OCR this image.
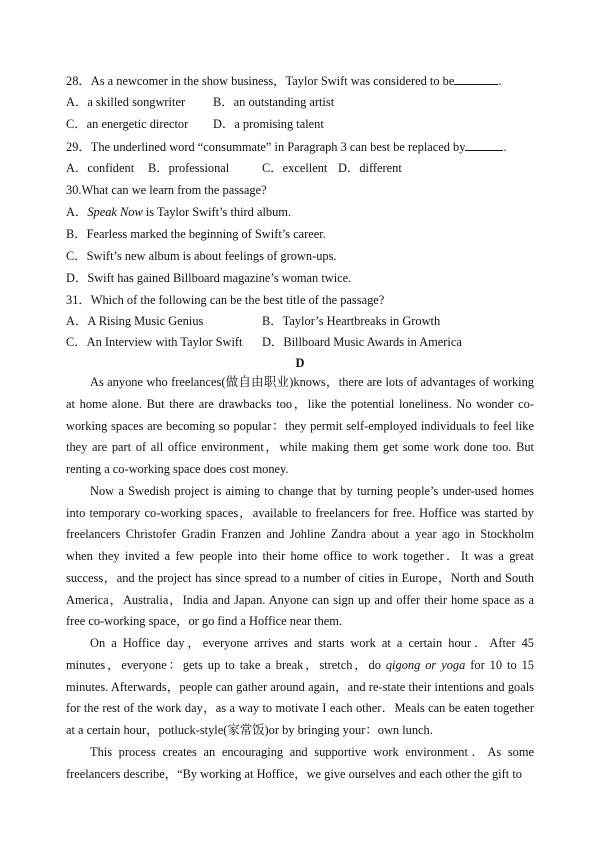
28．As a newcomer in the show business，Taylor Swift was considered to be	.
A．a skilled songwriter B．an outstanding artist
C．an energetic director D．a promising talent
29．The underlined word “consummate” in Paragraph 3 can best be replaced by	.
A．confident B．professional	C．excellent D．different
30.What can we learn from the passage?
A．Speak Now is Taylor Swift’s third album.
B．Fearless marked the beginning of Swift’s career.
C．Swift’s new album is about feelings of grown-ups.
D．Swift has gained Billboard magazine’s woman twice.
31．Which of the following can be the best title of the passage?
A．A Rising Music Genius	B．Taylor’s Heartbreaks in Growth
C．An Interview with Taylor Swift D．Billboard Music Awards in America
D

As anyone who freelances(做自由职业)knows，there are lots of advantages of working at home alone. But there are drawbacks too，like the potential loneliness. No wonder co-working spaces are becoming so popular：they permit self-employed individuals to feel like they are part of all office environment，while making them get some work done too. But renting a co-working space does cost money.

Now a Swedish project is aiming to change that by turning people’s under-used homes into temporary co-working spaces，available to freelancers for free. Hoffice was started by freelancers Christofer Gradin Franzen and Johline Zandra about a year ago in Stockholm when they invited a few people into their home office to work together．It was a great success，and the project has since spread to a number of cities in Europe，North and South America，Australia，India and Japan. Anyone can sign up and offer their home space as a free co-working space，or go find a Hoffice near them.

On a Hoffice day，everyone arrives and starts work at a certain hour．After 45 minutes，everyone：gets up to take a break，stretch，do qigong or yoga for 10 to 15 minutes. Afterwards，people can gather around again，and re-state their intentions and goals for the rest of the work day，as a way to motivate I each other．Meals can be eaten together at a certain hour，potluck-style(家常饭)or by bringing your：own lunch.

This process creates an encouraging and supportive work environment．As some freelancers describe，“By working at Hoffice，we give ourselves and each other the gift to
